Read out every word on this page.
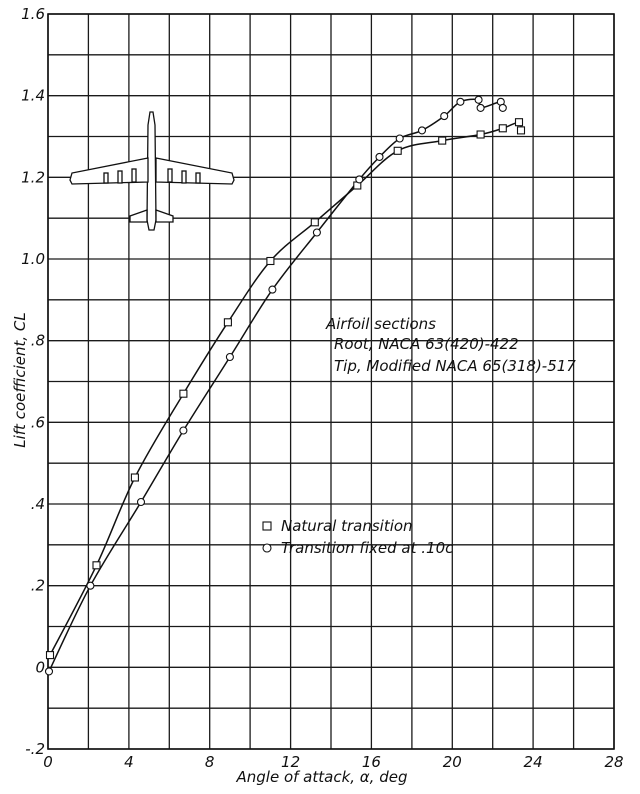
0	4	8	12	16	20	24	28
-.2
0
.2
.4
.6
.8
1.0
1.2
1.4
1.6
Angle of attack, α, deg
Lift coefficient, CL	Airfoil sections
Root, NACA 63(420)-422
Tip, Modified NACA 65(318)-517
Natural transition
Transition fixed at .10c
